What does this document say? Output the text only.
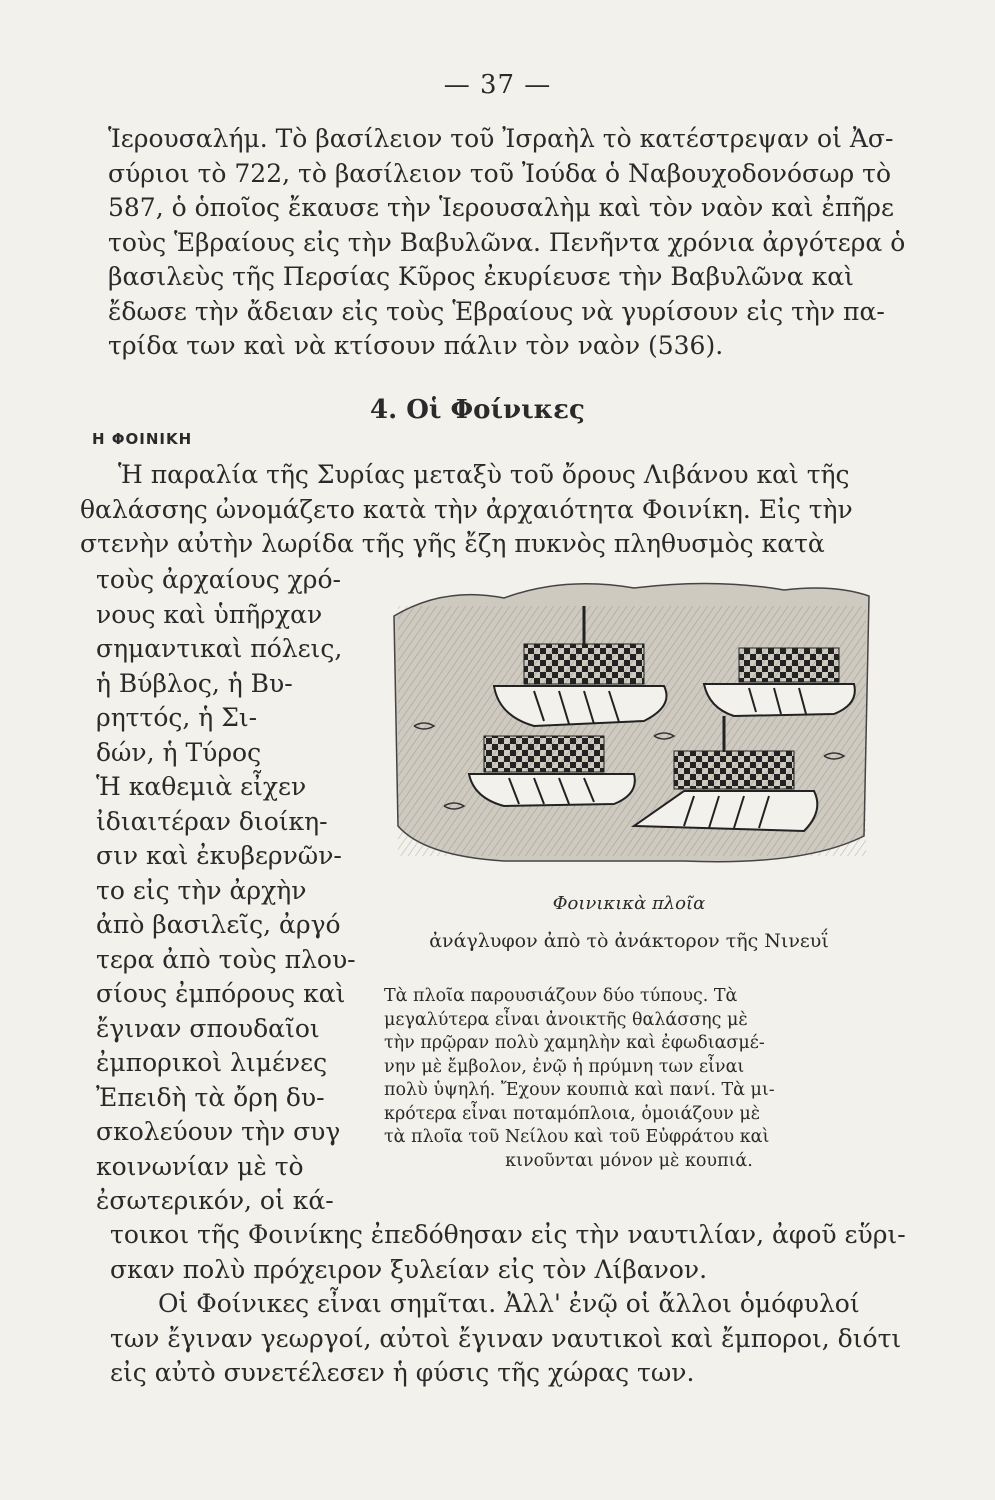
— 37 —
Ἱερουσαλήμ. Τὸ βασίλειον τοῦ Ἰσραὴλ τὸ κατέστρεψαν οἱ Ἀσ-
σύριοι τὸ 722, τὸ βασίλειον τοῦ Ἰούδα ὁ Ναβουχοδονόσωρ τὸ
587, ὁ ὁποῖος ἔκαυσε τὴν Ἱερουσαλὴμ καὶ τὸν ναὸν καὶ ἐπῆρε
τοὺς Ἑβραίους εἰς τὴν Βαβυλῶνα. Πενῆντα χρόνια ἀργότερα ὁ
βασιλεὺς τῆς Περσίας Κῦρος ἐκυρίευσε τὴν Βαβυλῶνα καὶ
ἔδωσε τὴν ἄδειαν εἰς τοὺς Ἑβραίους νὰ γυρίσουν εἰς τὴν πα-
τρίδα των καὶ νὰ κτίσουν πάλιν τὸν ναὸν (536).
4. Οἱ Φοίνικες
Η ΦΟΙΝΙΚΗ
Ἡ παραλία τῆς Συρίας μεταξὺ τοῦ ὄρους Λιβάνου καὶ τῆς
θαλάσσης ὠνομάζετο κατὰ τὴν ἀρχαιότητα Φοινίκη. Εἰς τὴν
στενὴν αὐτὴν λωρίδα τῆς γῆς ἔζη πυκνὸς πληθυσμὸς κατὰ
τοὺς ἀρχαίους χρό-
νους καὶ ὑπῆρχαν
σημαντικαὶ πόλεις,
ἡ Βύβλος, ἡ Βυ-
ρηττός, ἡ Σι-
δών, ἡ Τύρος
Ἡ καθεμιὰ εἶχεν
ἰδιαιτέραν διοίκη-
σιν καὶ ἐκυβερνῶν-
το εἰς τὴν ἀρχὴν
ἀπὸ βασιλεῖς, ἀργό
τερα ἀπὸ τοὺς πλου-
σίους ἐμπόρους καὶ
ἔγιναν σπουδαῖοι
ἐμπορικοὶ λιμένες
Ἐπειδὴ τὰ ὄρη δυ-
σκολεύουν τὴν συγ
κοινωνίαν μὲ τὸ
ἐσωτερικόν, οἱ κά-
Φοινικικὰ πλοῖα
ἀνάγλυφον ἀπὸ τὸ ἀνάκτορον τῆς Νινευΐ
Τὰ πλοῖα παρουσιάζουν δύο τύπους. Τὰ
μεγαλύτερα εἶναι ἀνοικτῆς θαλάσσης μὲ
τὴν πρῷραν πολὺ χαμηλὴν καὶ ἐφωδιασμέ-
νην μὲ ἔμβολον, ἐνῷ ἡ πρύμνη των εἶναι
πολὺ ὑψηλή. Ἔχουν κουπιὰ καὶ πανί. Τὰ μι-
κρότερα εἶναι ποταμόπλοια, ὁμοιάζουν μὲ
τὰ πλοῖα τοῦ Νείλου καὶ τοῦ Εὐφράτου καὶ
κινοῦνται μόνον μὲ κουπιά.
τοικοι τῆς Φοινίκης ἐπεδόθησαν εἰς τὴν ναυτιλίαν, ἀφοῦ εὕρι-
σκαν πολὺ πρόχειρον ξυλείαν εἰς τὸν Λίβανον.
Οἱ Φοίνικες εἶναι σημῖται. Ἀλλ' ἐνῷ οἱ ἄλλοι ὁμόφυλοί
των ἔγιναν γεωργοί, αὐτοὶ ἔγιναν ναυτικοὶ καὶ ἔμποροι, διότι
εἰς αὐτὸ συνετέλεσεν ἡ φύσις τῆς χώρας των.
